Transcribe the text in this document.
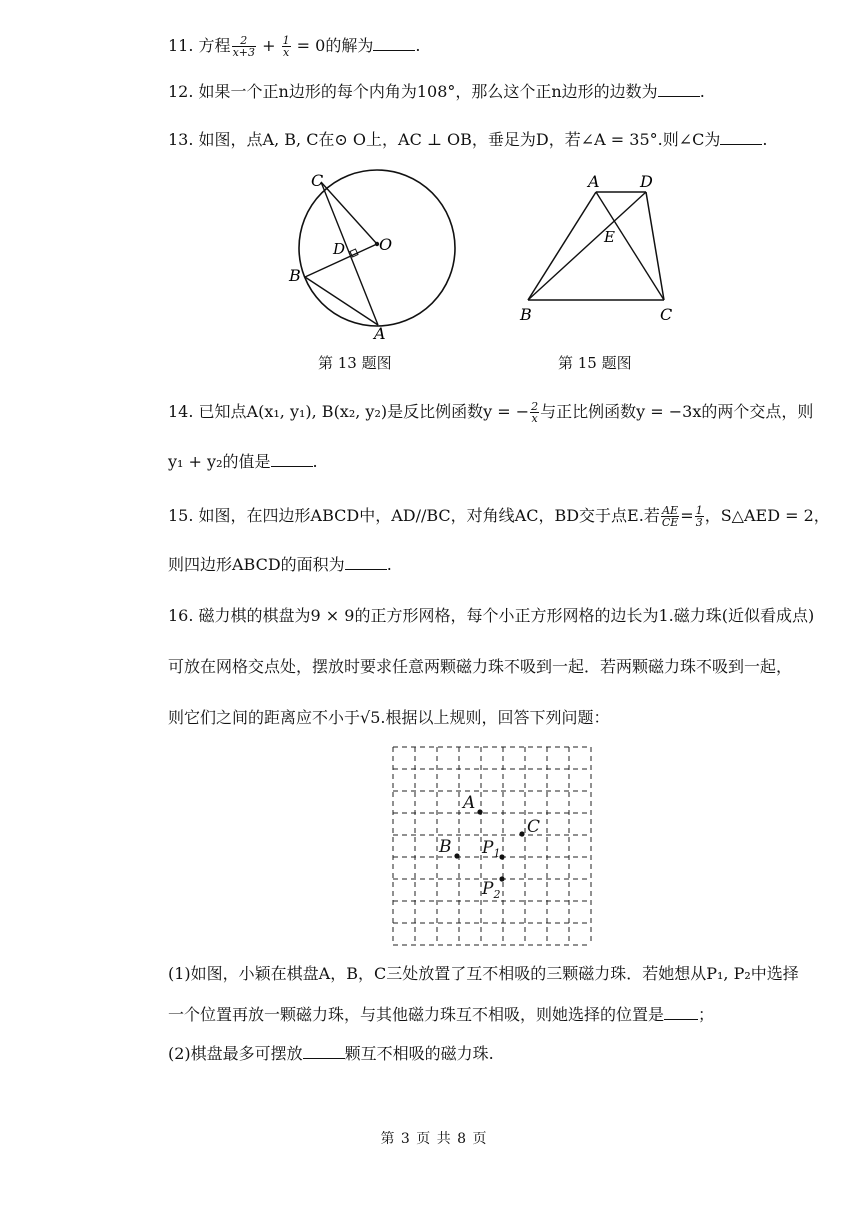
11. 方程 $\frac{2}{x+3} + \frac{1}{x} = 0$的解为	.
12. 如果一个正n边形的每个内角为108°，那么这个正n边形的边数为	.
13. 如图，点A, B, C在⊙ O上，AC ⊥ OB，垂足为D，若∠A = 35°.则∠C为	.
C
D O
B
A
第 13 题图
A	D
E
B	C
第 15 题图
14. 已知点A(x₁, y₁), B(x₂, y₂)是反比例函数y = − $\frac{2}{x}$ 与正比例函数y = −3x的两个交点，则
y₁ + y₂的值是	.
15. 如图，在四边形ABCD中，AD//BC，对角线AC，BD交于点E.若 $\frac{AE}{CE} = \frac{1}{3}$ ，S△AED = 2，
则四边形ABCD的面积为	.
16. 磁力棋的棋盘为9 × 9的正方形网格，每个小正方形网格的边长为1.磁力珠(近似看成点)
可放在网格交点处，摆放时要求任意两颗磁力珠不吸到一起．若两颗磁力珠不吸到一起，
则它们之间的距离应不小于√5.根据以上规则，回答下列问题：
A
B
C
$P_1$
$P_2$
(1)如图，小颖在棋盘A，B，C三处放置了互不相吸的三颗磁力珠．若她想从P₁, P₂中选择
一个位置再放一颗磁力珠，与其他磁力珠互不相吸，则她选择的位置是 ；
(2)棋盘最多可摆放	颗互不相吸的磁力珠.
第 3 页 共 8 页
